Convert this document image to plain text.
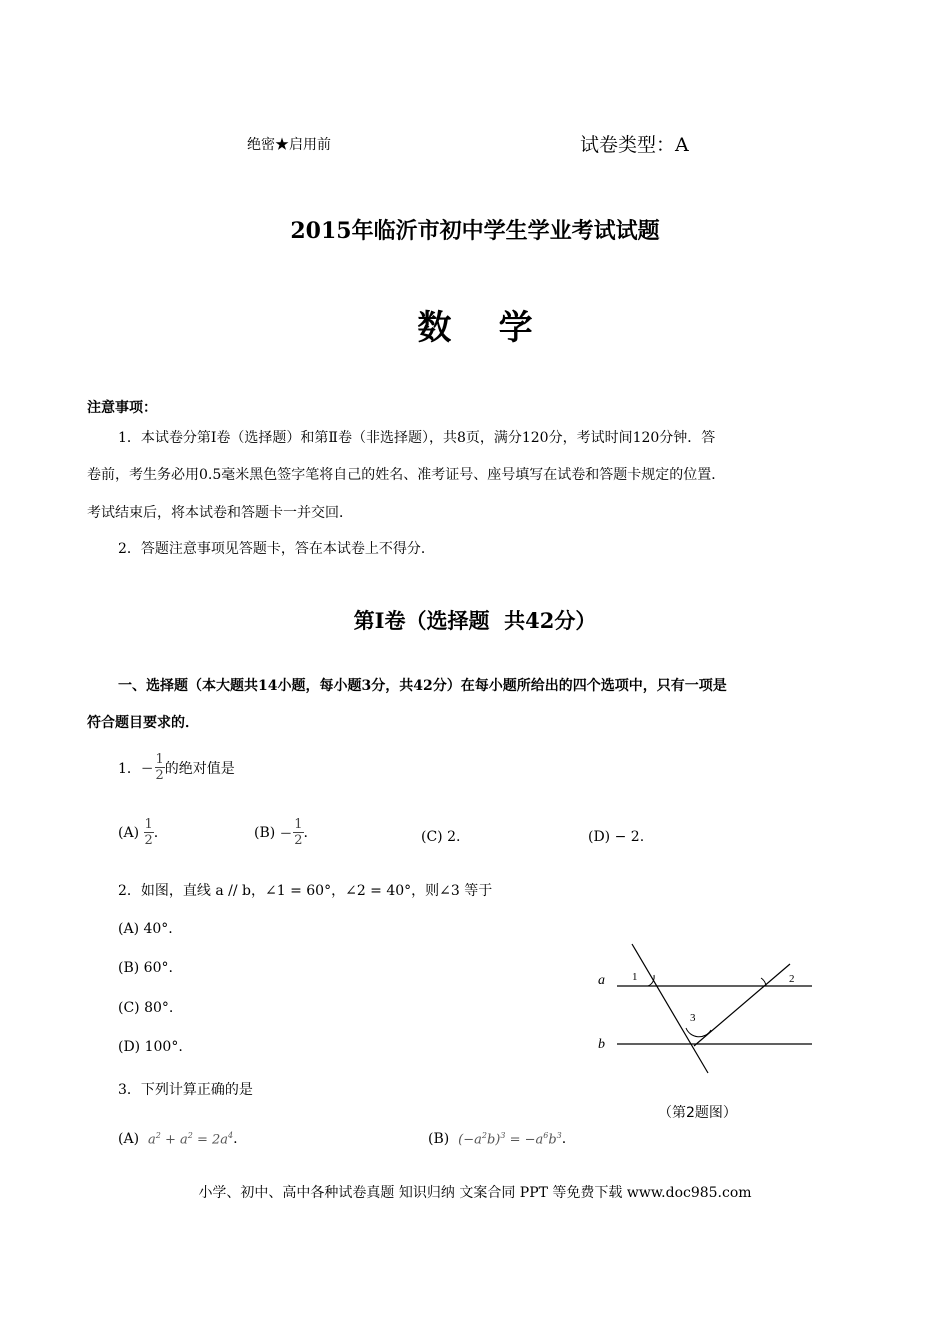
绝密★启用前	试卷类型：A
2015年临沂市初中学生学业考试试题
数    学
注意事项：
1．本试卷分第Ⅰ卷（选择题）和第Ⅱ卷（非选择题），共8页，满分120分，考试时间120分钟．答
卷前，考生务必用0.5毫米黑色签字笔将自己的姓名、准考证号、座号填写在试卷和答题卡规定的位置．
考试结束后，将本试卷和答题卡一并交回．
2．答题注意事项见答题卡，答在本试卷上不得分．
第Ⅰ卷（选择题  共42分）
一、选择题（本大题共14小题，每小题3分，共42分）在每小题所给出的四个选项中，只有一项是
符合题目要求的．
1． − $\frac{1}{2}$ 的绝对值是
(A)
$\frac{1}{2}$ .	(B)
− $\frac{1}{2}$ .	(C) 2.	(D) − 2.
2．如图，直线 a // b，∠1 = 60°，∠2 = 40°，则∠3 等于
(A) 40°.
(B) 60°.
(C) 80°.
(D) 100°.
a
b
1	2
3
（第2题图）
3．下列计算正确的是
(A)
$a^2 + a^2 = 2a^4$ .	(B)
$(-a^2b)^3 = -a^6b^3$ .
小学、初中、高中各种试卷真题 知识归纳 文案合同 PPT 等免费下载 www.doc985.com
